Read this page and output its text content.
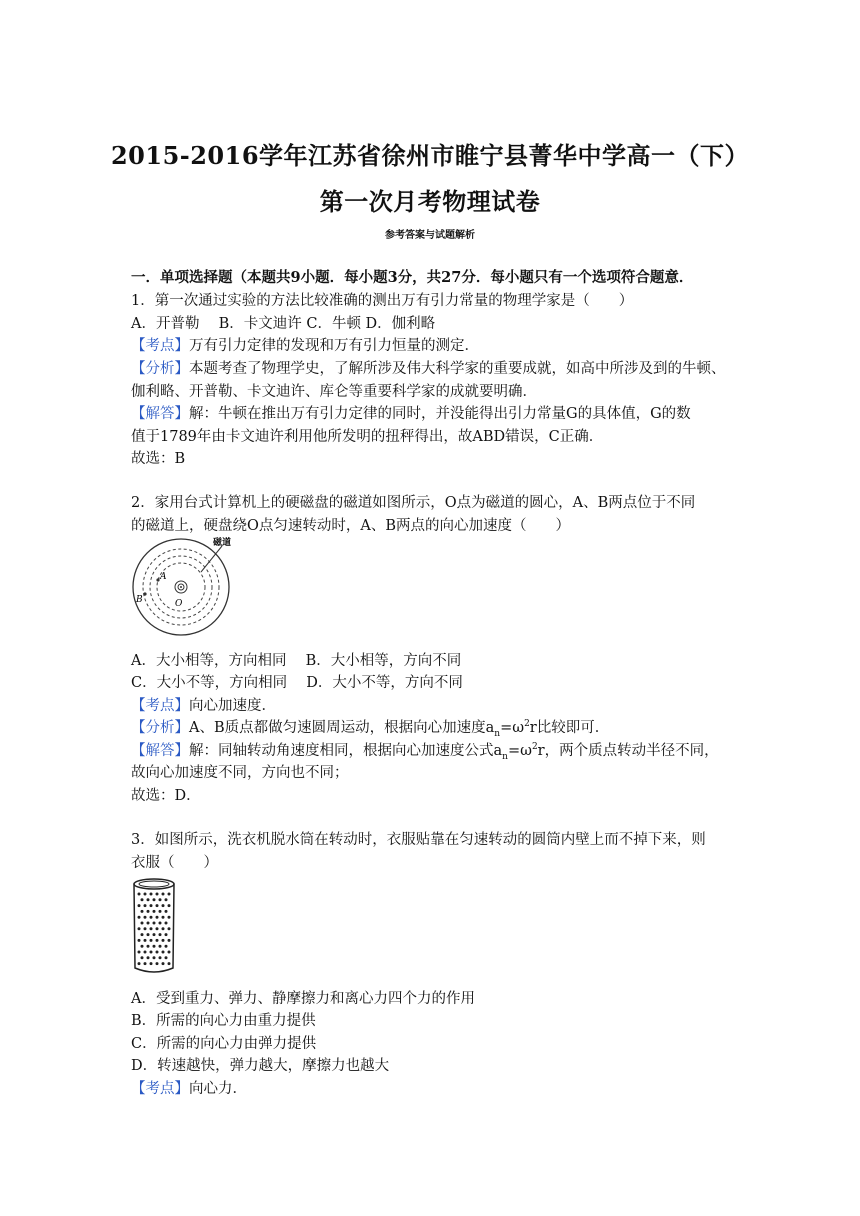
2015-2016学年江苏省徐州市睢宁县菁华中学高一（下）
第一次月考物理试卷
参考答案与试题解析
一．单项选择题（本题共9小题．每小题3分，共27分．每小题只有一个选项符合题意．
1．第一次通过实验的方法比较准确的测出万有引力常量的物理学家是（　　）
A．开普勒　 B．卡文迪许 C．牛顿 D．伽利略
【考点】万有引力定律的发现和万有引力恒量的测定．
【分析】本题考查了物理学史，了解所涉及伟大科学家的重要成就，如高中所涉及到的牛顿、
伽利略、开普勒、卡文迪许、库仑等重要科学家的成就要明确．
【解答】解：牛顿在推出万有引力定律的同时，并没能得出引力常量G的具体值，G的数
值于1789年由卡文迪许利用他所发明的扭秤得出，故ABD错误，C正确．
故选：B
2．家用台式计算机上的硬磁盘的磁道如图所示，O点为磁道的圆心，A、B两点位于不同
的磁道上，硬盘绕O点匀速转动时，A、B两点的向心加速度（　　）
磁道
A
B	O
A．大小相等，方向相同　 B．大小相等，方向不同
C．大小不等，方向相同　 D．大小不等，方向不同
【考点】向心加速度．
【分析】A、B质点都做匀速圆周运动，根据向心加速度$a_n=\omega^2r$比较即可．
【解答】解：同轴转动角速度相同，根据向心加速度公式$a_n=\omega^2r$，两个质点转动半径不同，
故向心加速度不同，方向也不同；
故选：D．
3．如图所示，洗衣机脱水筒在转动时，衣服贴靠在匀速转动的圆筒内壁上而不掉下来，则
衣服（　　）
A．受到重力、弹力、静摩擦力和离心力四个力的作用
B．所需的向心力由重力提供
C．所需的向心力由弹力提供
D．转速越快，弹力越大，摩擦力也越大
【考点】向心力．
